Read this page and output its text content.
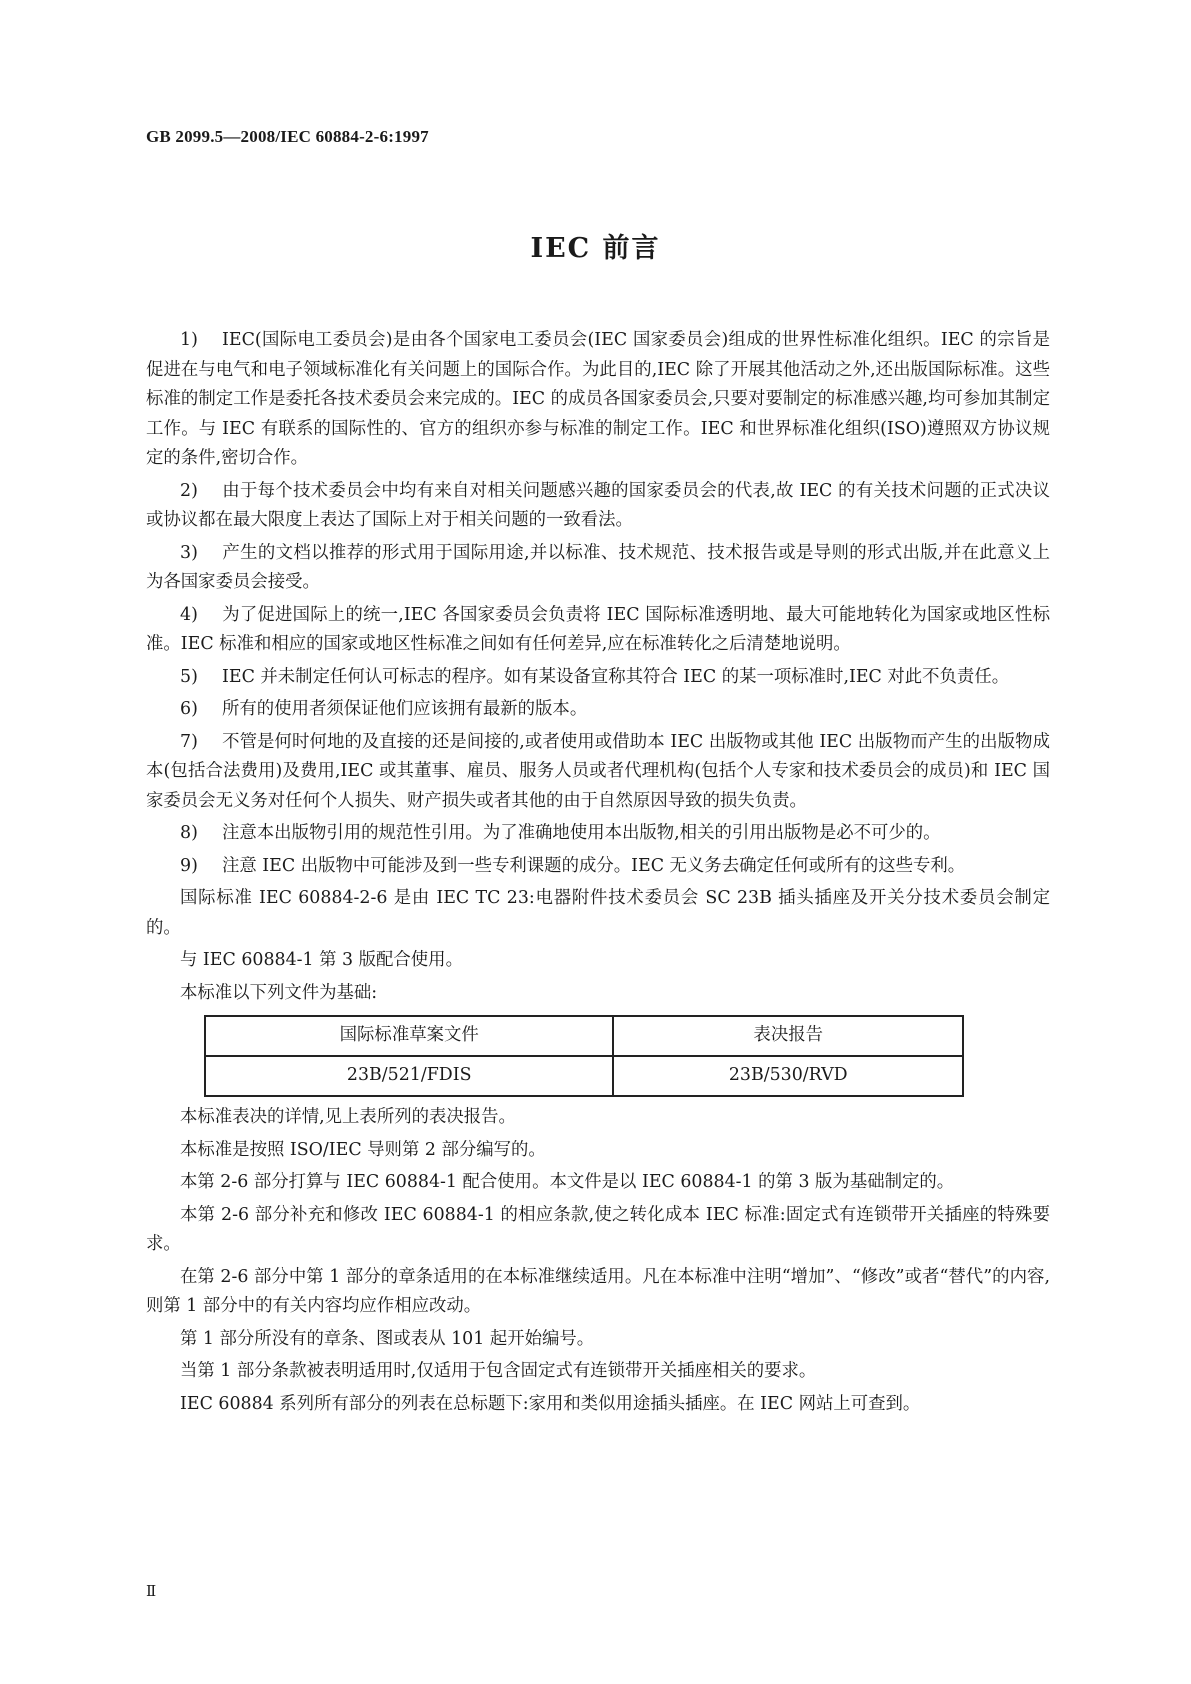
GB 2099.5—2008/IEC 60884-2-6:1997
IEC 前言

1) IEC(国际电工委员会)是由各个国家电工委员会(IEC 国家委员会)组成的世界性标准化组织。IEC 的宗旨是促进在与电气和电子领域标准化有关问题上的国际合作。为此目的,IEC 除了开展其他活动之外,还出版国际标准。这些标准的制定工作是委托各技术委员会来完成的。IEC 的成员各国家委员会,只要对要制定的标准感兴趣,均可参加其制定工作。与 IEC 有联系的国际性的、官方的组织亦参与标准的制定工作。IEC 和世界标准化组织(ISO)遵照双方协议规定的条件,密切合作。

2) 由于每个技术委员会中均有来自对相关问题感兴趣的国家委员会的代表,故 IEC 的有关技术问题的正式决议或协议都在最大限度上表达了国际上对于相关问题的一致看法。

3) 产生的文档以推荐的形式用于国际用途,并以标准、技术规范、技术报告或是导则的形式出版,并在此意义上为各国家委员会接受。

4) 为了促进国际上的统一,IEC 各国家委员会负责将 IEC 国际标准透明地、最大可能地转化为国家或地区性标准。IEC 标准和相应的国家或地区性标准之间如有任何差异,应在标准转化之后清楚地说明。

5) IEC 并未制定任何认可标志的程序。如有某设备宣称其符合 IEC 的某一项标准时,IEC 对此不负责任。

6) 所有的使用者须保证他们应该拥有最新的版本。

7) 不管是何时何地的及直接的还是间接的,或者使用或借助本 IEC 出版物或其他 IEC 出版物而产生的出版物成本(包括合法费用)及费用,IEC 或其董事、雇员、服务人员或者代理机构(包括个人专家和技术委员会的成员)和 IEC 国家委员会无义务对任何个人损失、财产损失或者其他的由于自然原因导致的损失负责。

8) 注意本出版物引用的规范性引用。为了准确地使用本出版物,相关的引用出版物是必不可少的。

9) 注意 IEC 出版物中可能涉及到一些专利课题的成分。IEC 无义务去确定任何或所有的这些专利。

国际标准 IEC 60884-2-6 是由 IEC TC 23:电器附件技术委员会 SC 23B 插头插座及开关分技术委员会制定的。

与 IEC 60884-1 第 3 版配合使用。

本标准以下列文件为基础:

国际标准草案文件	表决报告
23B/521/FDIS	23B/530/RVD

本标准表决的详情,见上表所列的表决报告。

本标准是按照 ISO/IEC 导则第 2 部分编写的。

本第 2-6 部分打算与 IEC 60884-1 配合使用。本文件是以 IEC 60884-1 的第 3 版为基础制定的。

本第 2-6 部分补充和修改 IEC 60884-1 的相应条款,使之转化成本 IEC 标准:固定式有连锁带开关插座的特殊要求。

在第 2-6 部分中第 1 部分的章条适用的在本标准继续适用。凡在本标准中注明“增加”、“修改”或者“替代”的内容,则第 1 部分中的有关内容均应作相应改动。

第 1 部分所没有的章条、图或表从 101 起开始编号。

当第 1 部分条款被表明适用时,仅适用于包含固定式有连锁带开关插座相关的要求。

IEC 60884 系列所有部分的列表在总标题下:家用和类似用途插头插座。在 IEC 网站上可查到。

Ⅱ
